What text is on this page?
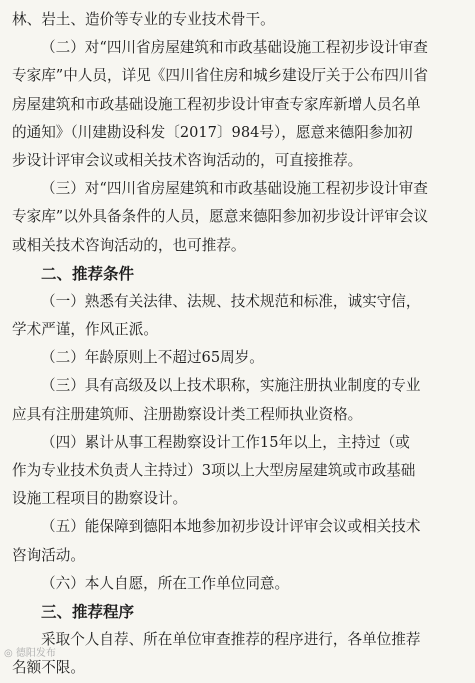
林、岩土、造价等专业的专业技术骨干。
（二）对“四川省房屋建筑和市政基础设施工程初步设计审查
专家库”中人员，详见《四川省住房和城乡建设厅关于公布四川省
房屋建筑和市政基础设施工程初步设计审查专家库新增人员名单
的通知》（川建勘设科发〔2017〕984号），愿意来德阳参加初
步设计评审会议或相关技术咨询活动的，可直接推荐。
（三）对“四川省房屋建筑和市政基础设施工程初步设计审查
专家库”以外具备条件的人员，愿意来德阳参加初步设计评审会议
或相关技术咨询活动的，也可推荐。
二、推荐条件
（一）熟悉有关法律、法规、技术规范和标准，诚实守信，
学术严谨，作风正派。
（二）年龄原则上不超过65周岁。
（三）具有高级及以上技术职称，实施注册执业制度的专业
应具有注册建筑师、注册勘察设计类工程师执业资格。
（四）累计从事工程勘察设计工作15年以上，主持过（或
作为专业技术负责人主持过）3项以上大型房屋建筑或市政基础
设施工程项目的勘察设计。
（五）能保障到德阳本地参加初步设计评审会议或相关技术
咨询活动。
（六）本人自愿，所在工作单位同意。
三、推荐程序
采取个人自荐、所在单位审查推荐的程序进行，各单位推荐
名额不限。
◎ 德阳发布
